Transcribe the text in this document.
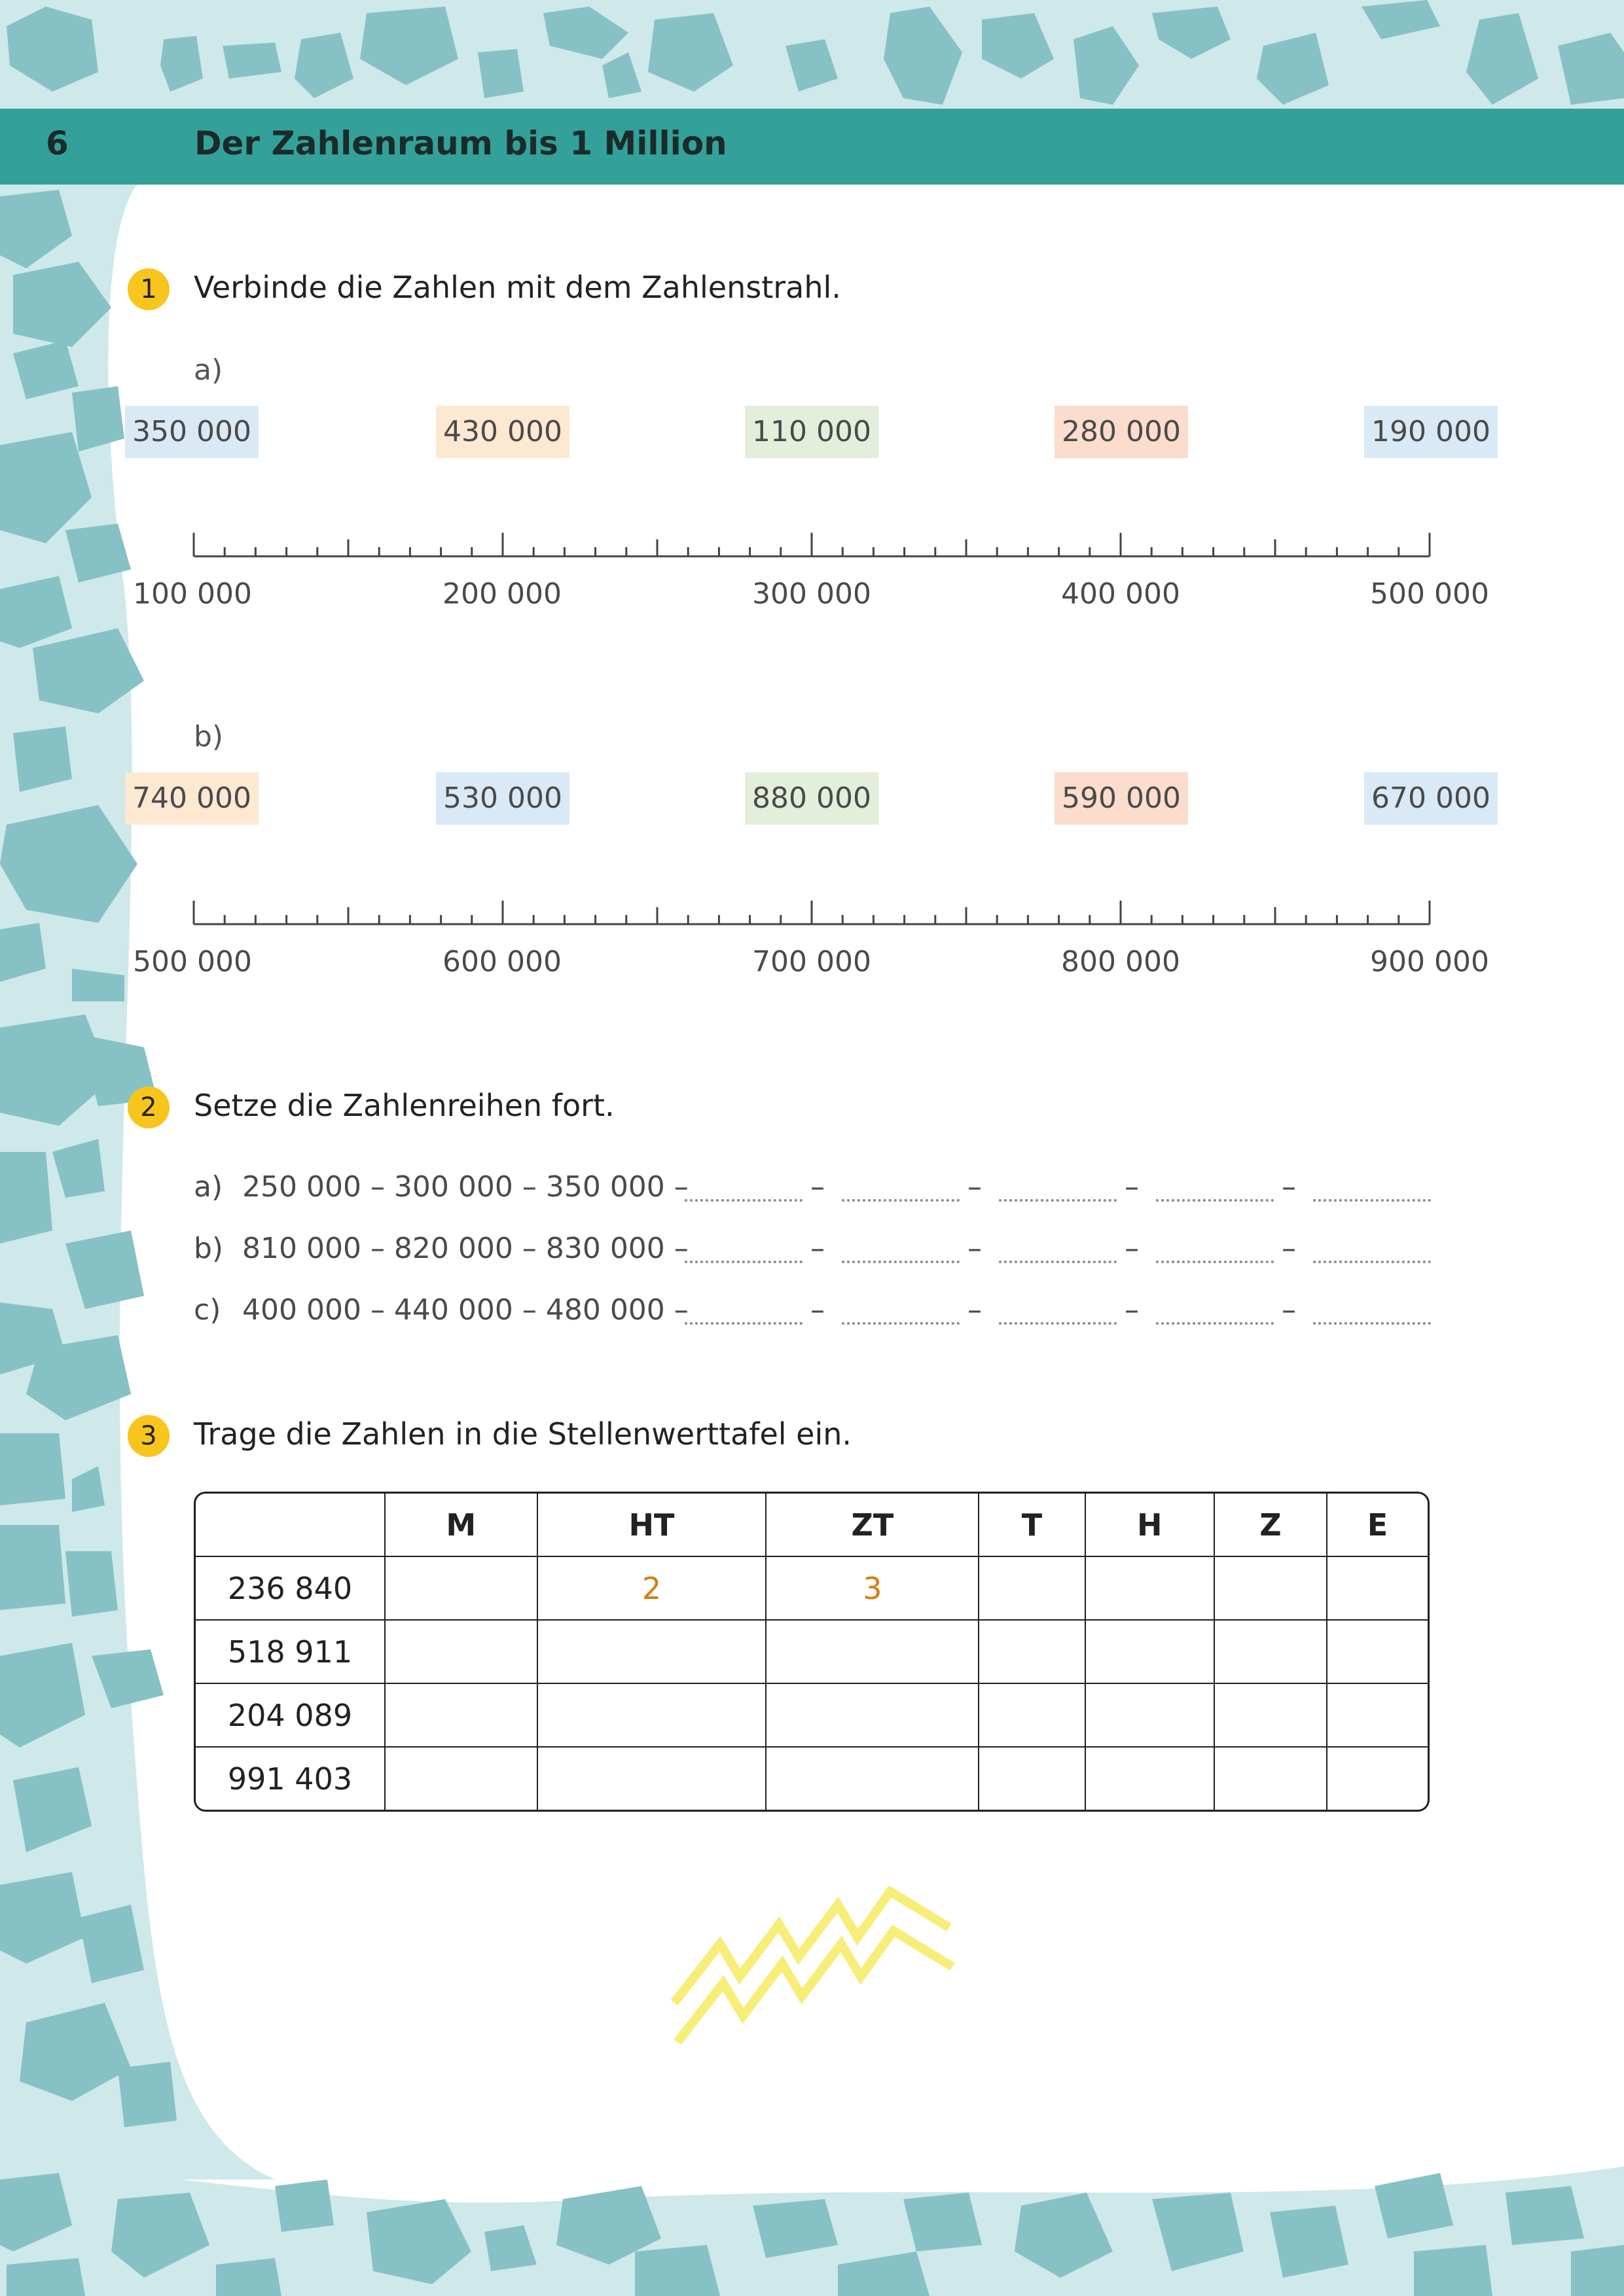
6	Der Zahlenraum bis 1 Million
1	Verbinde die Zahlen mit dem Zahlenstrahl.
a)
350 000	430 000	110 000	280 000	190 000
100 000	200 000	300 000	400 000	500 000
b)
740 000	530 000	880 000	590 000	670 000
500 000	600 000	700 000	800 000	900 000
2	Setze die Zahlenreihen fort.
a) 250 000 – 300 000 – 350 000 –
b) 810 000 – 820 000 – 830 000 –
c) 400 000 – 440 000 – 480 000 –
–	–	–	–
–	–	–	–
–	–	–	–
3	Trage die Zahlen in die Stellenwerttafel ein.
	M	HT	ZT	T	H	Z	E
236 840		2	3				
518 911							
204 089							
991 403							
